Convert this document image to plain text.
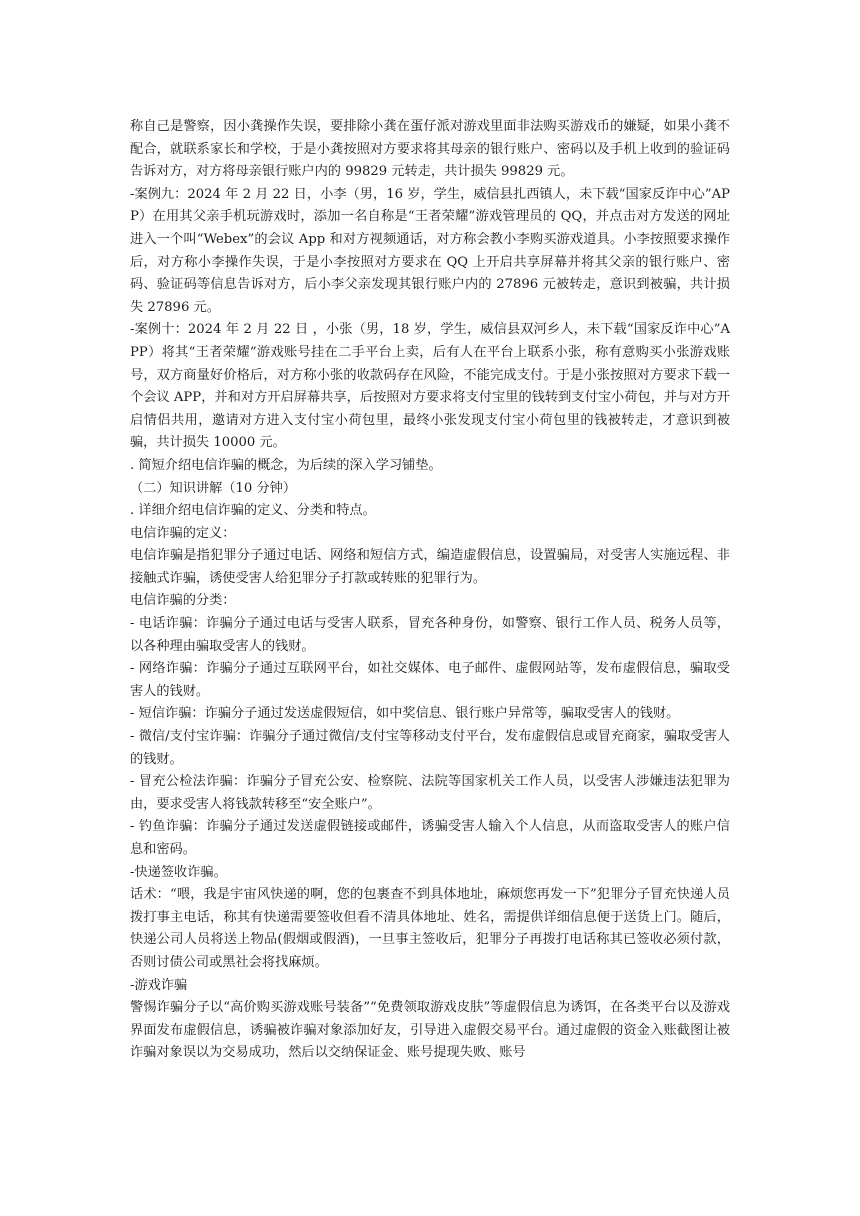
称自己是警察，因小龚操作失误，要排除小龚在蛋仔派对游戏里面非法购买游戏币的嫌疑，如果小龚不配合，就联系家长和学校，于是小龚按照对方要求将其母亲的银行账户、密码以及手机上收到的验证码告诉对方，对方将母亲银行账户内的 99829 元转走，共计损失 99829 元。

-案例九：2024 年 2 月 22 日，小李（男，16 岁，学生，威信县扎西镇人，未下载“国家反诈中心”APP）在用其父亲手机玩游戏时，添加一名自称是“王者荣耀”游戏管理员的 QQ，并点击对方发送的网址进入一个叫“Webex”的会议 App 和对方视频通话，对方称会教小李购买游戏道具。小李按照要求操作后，对方称小李操作失误，于是小李按照对方要求在 QQ 上开启共享屏幕并将其父亲的银行账户、密码、验证码等信息告诉对方，后小李父亲发现其银行账户内的 27896 元被转走，意识到被骗，共计损失 27896 元。

-案例十：2024 年 2 月 22 日 ，小张（男，18 岁，学生，威信县双河乡人，未下载“国家反诈中心”APP）将其“王者荣耀”游戏账号挂在二手平台上卖，后有人在平台上联系小张，称有意购买小张游戏账号，双方商量好价格后，对方称小张的收款码存在风险，不能完成支付。于是小张按照对方要求下载一个会议 APP，并和对方开启屏幕共享，后按照对方要求将支付宝里的钱转到支付宝小荷包，并与对方开启情侣共用，邀请对方进入支付宝小荷包里，最终小张发现支付宝小荷包里的钱被转走，才意识到被骗，共计损失 10000 元。

. 简短介绍电信诈骗的概念，为后续的深入学习铺垫。

（二）知识讲解（10 分钟）

. 详细介绍电信诈骗的定义、分类和特点。

电信诈骗的定义：

电信诈骗是指犯罪分子通过电话、网络和短信方式，编造虚假信息，设置骗局，对受害人实施远程、非接触式诈骗，诱使受害人给犯罪分子打款或转账的犯罪行为。

电信诈骗的分类：

- 电话诈骗：诈骗分子通过电话与受害人联系，冒充各种身份，如警察、银行工作人员、税务人员等，以各种理由骗取受害人的钱财。

- 网络诈骗：诈骗分子通过互联网平台，如社交媒体、电子邮件、虚假网站等，发布虚假信息，骗取受害人的钱财。

- 短信诈骗：诈骗分子通过发送虚假短信，如中奖信息、银行账户异常等，骗取受害人的钱财。

- 微信/支付宝诈骗：诈骗分子通过微信/支付宝等移动支付平台，发布虚假信息或冒充商家，骗取受害人的钱财。

- 冒充公检法诈骗：诈骗分子冒充公安、检察院、法院等国家机关工作人员，以受害人涉嫌违法犯罪为由，要求受害人将钱款转移至“安全账户”。

- 钓鱼诈骗：诈骗分子通过发送虚假链接或邮件，诱骗受害人输入个人信息，从而盗取受害人的账户信息和密码。

-快递签收诈骗。

话术：“喂，我是宇宙风快递的啊，您的包裹查不到具体地址，麻烦您再发一下”犯罪分子冒充快递人员拨打事主电话，称其有快递需要签收但看不清具体地址、姓名，需提供详细信息便于送货上门。随后，快递公司人员将送上物品(假烟或假酒)，一旦事主签收后，犯罪分子再拨打电话称其已签收必须付款，否则讨债公司或黑社会将找麻烦。

-游戏诈骗

警惕诈骗分子以“高价购买游戏账号装备”“免费领取游戏皮肤”等虚假信息为诱饵，在各类平台以及游戏界面发布虚假信息，诱骗被诈骗对象添加好友，引导进入虚假交易平台。通过虚假的资金入账截图让被诈骗对象误以为交易成功，然后以交纳保证金、账号提现失败、账号
